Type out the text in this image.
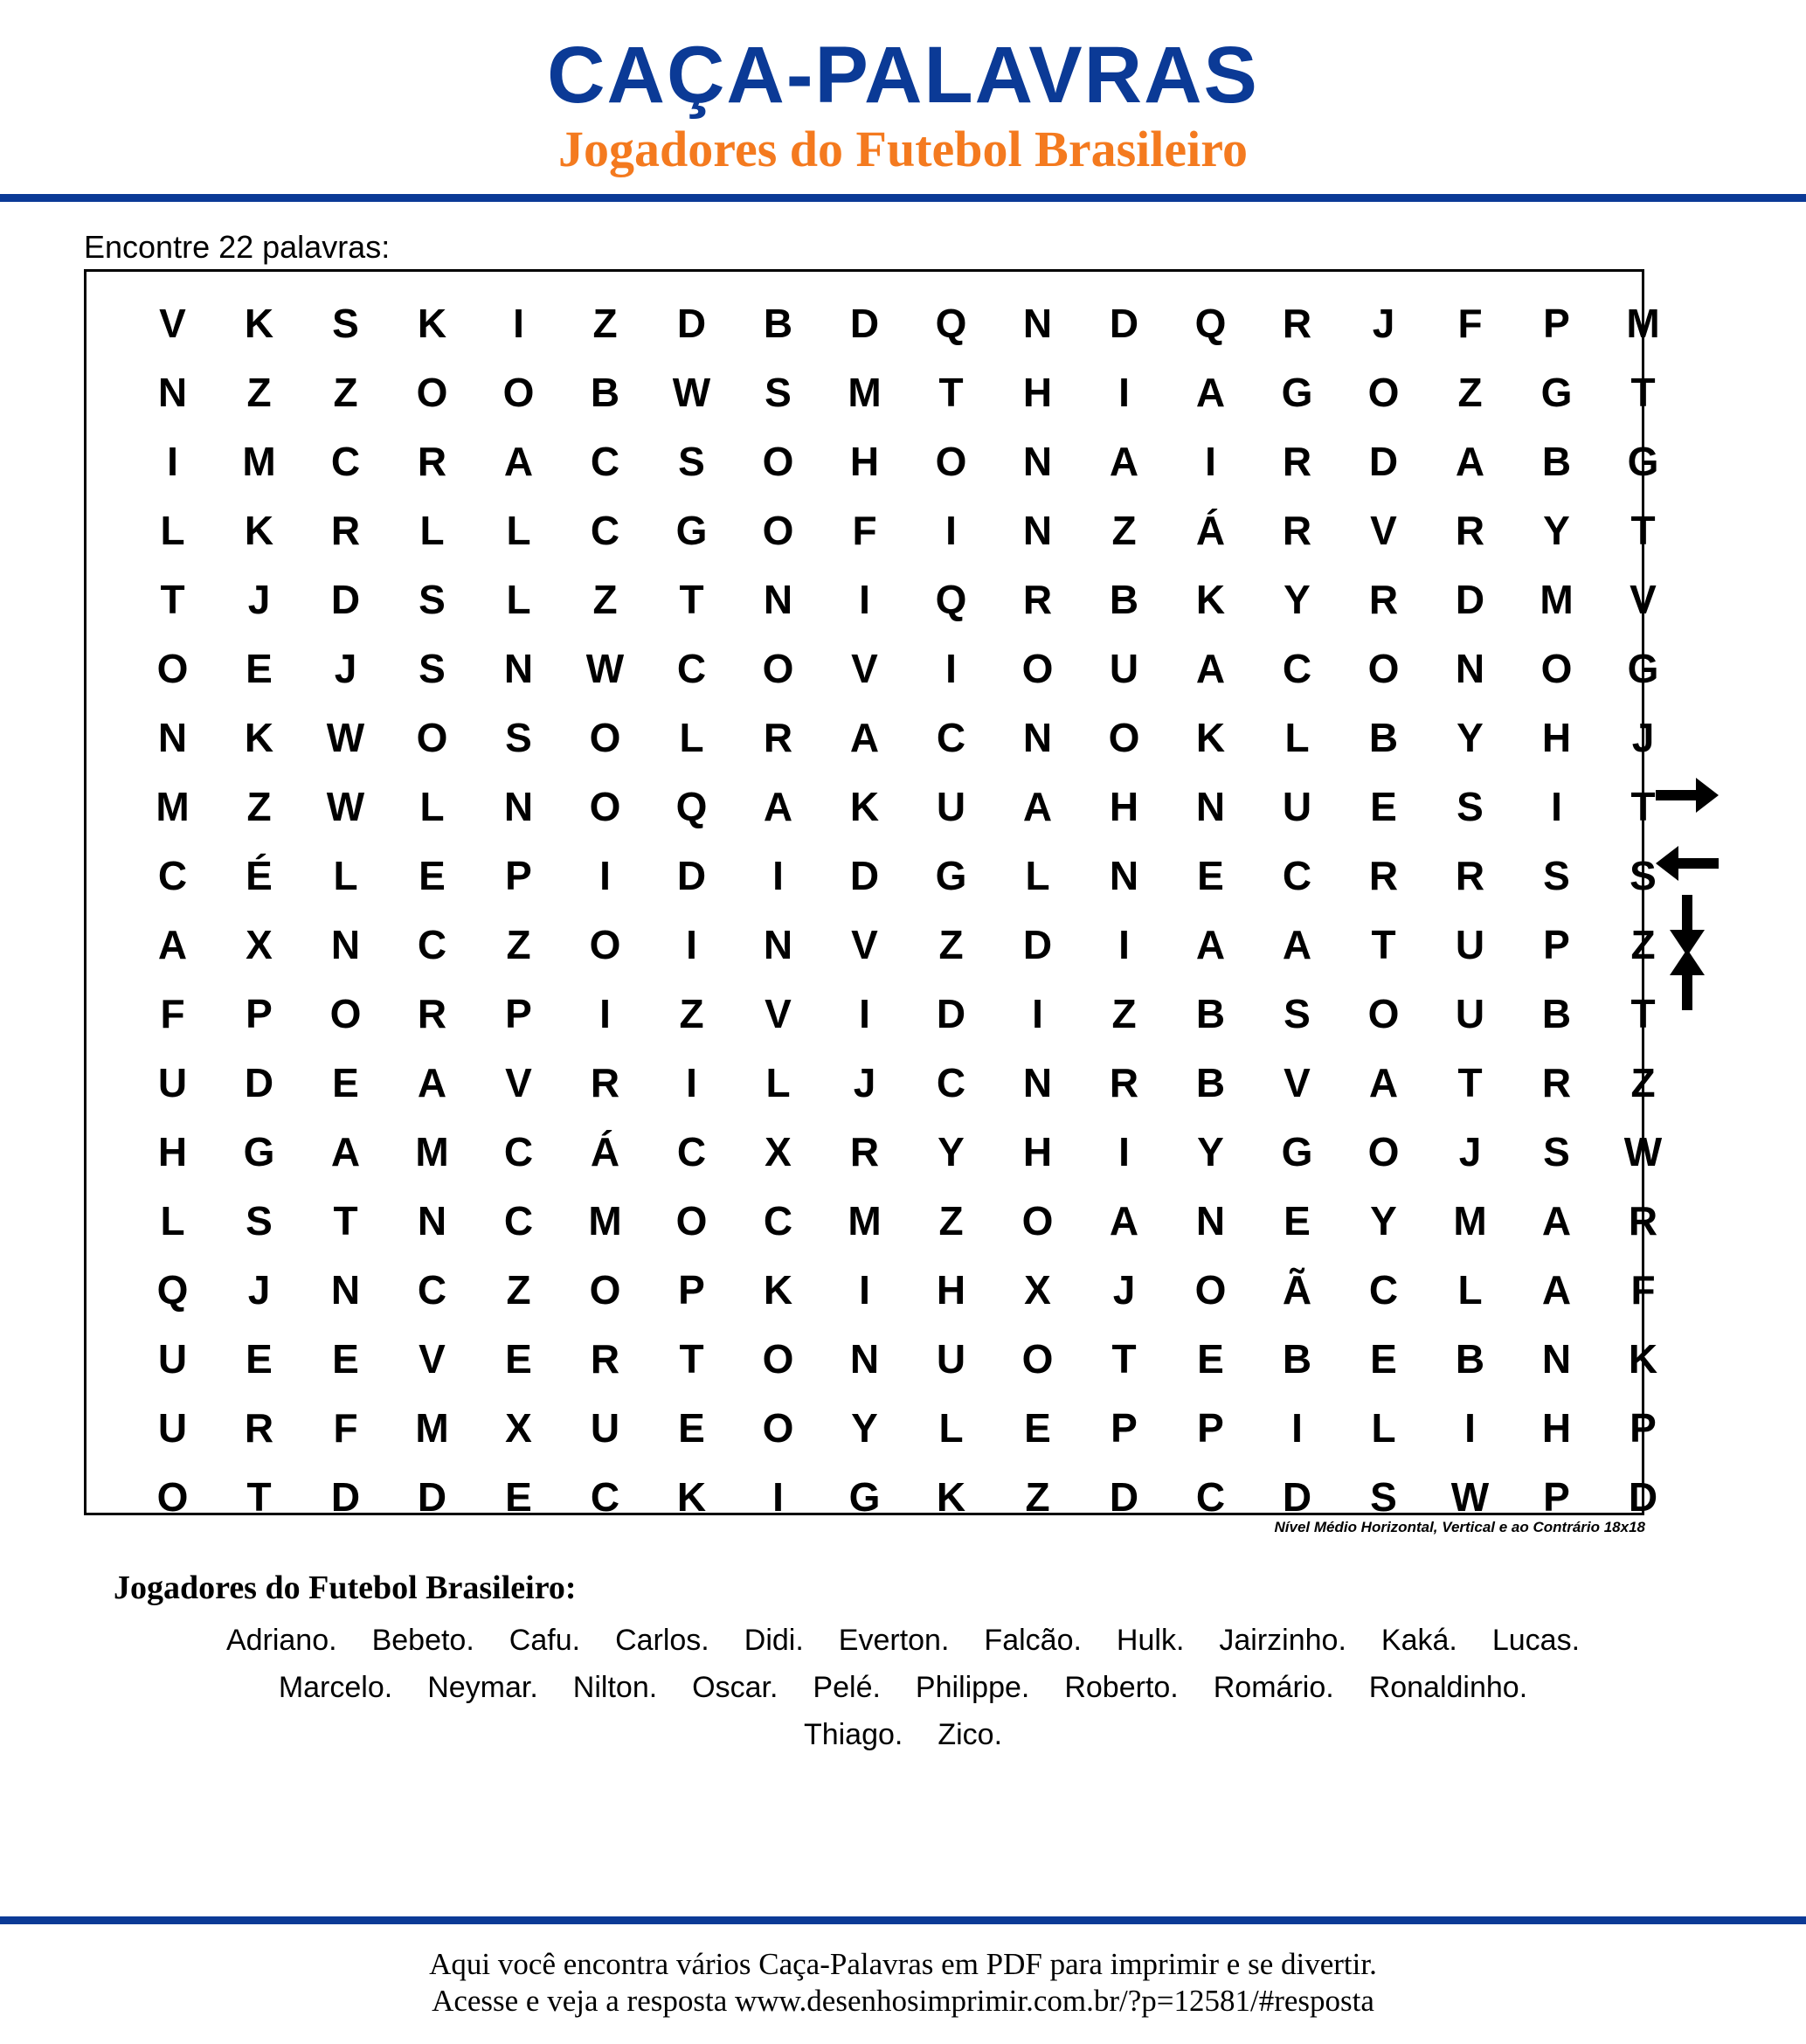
CAÇA-PALAVRAS
Jogadores do Futebol Brasileiro
Encontre 22 palavras:
V	K	S	K	I	Z	D	B	D	Q	N	D	Q	R	J	F	P	M
N	Z	Z	O	O	B	W	S	M	T	H	I	A	G	O	Z	G	T
I	M	C	R	A	C	S	O	H	O	N	A	I	R	D	A	B	G
L	K	R	L	L	C	G	O	F	I	N	Z	Á	R	V	R	Y	T
T	J	D	S	L	Z	T	N	I	Q	R	B	K	Y	R	D	M	V
O	E	J	S	N	W	C	O	V	I	O	U	A	C	O	N	O	G
N	K	W	O	S	O	L	R	A	C	N	O	K	L	B	Y	H	J
M	Z	W	L	N	O	Q	A	K	U	A	H	N	U	E	S	I	T
C	É	L	E	P	I	D	I	D	G	L	N	E	C	R	R	S	S
A	X	N	C	Z	O	I	N	V	Z	D	I	A	A	T	U	P	Z
F	P	O	R	P	I	Z	V	I	D	I	Z	B	S	O	U	B	T
U	D	E	A	V	R	I	L	J	C	N	R	B	V	A	T	R	Z
H	G	A	M	C	Á	C	X	R	Y	H	I	Y	G	O	J	S	W
L	S	T	N	C	M	O	C	M	Z	O	A	N	E	Y	M	A	R
Q	J	N	C	Z	O	P	K	I	H	X	J	O	Ã	C	L	A	F
U	E	E	V	E	R	T	O	N	U	O	T	E	B	E	B	N	K
U	R	F	M	X	U	E	O	Y	L	E	P	P	I	L	I	H	P
O	T	D	D	E	C	K	I	G	K	Z	D	C	D	S	W	P	D
Nível Médio Horizontal, Vertical e ao Contrário 18x18
Jogadores do Futebol Brasileiro:
Adriano. Bebeto. Cafu. Carlos. Didi. Everton. Falcão. Hulk. Jairzinho. Kaká. Lucas.
Marcelo. Neymar. Nilton. Oscar. Pelé. Philippe. Roberto. Romário. Ronaldinho.
Thiago. Zico.
Aqui você encontra vários Caça-Palavras em PDF para imprimir e se divertir.
Acesse e veja a resposta www.desenhosimprimir.com.br/?p=12581/#resposta
